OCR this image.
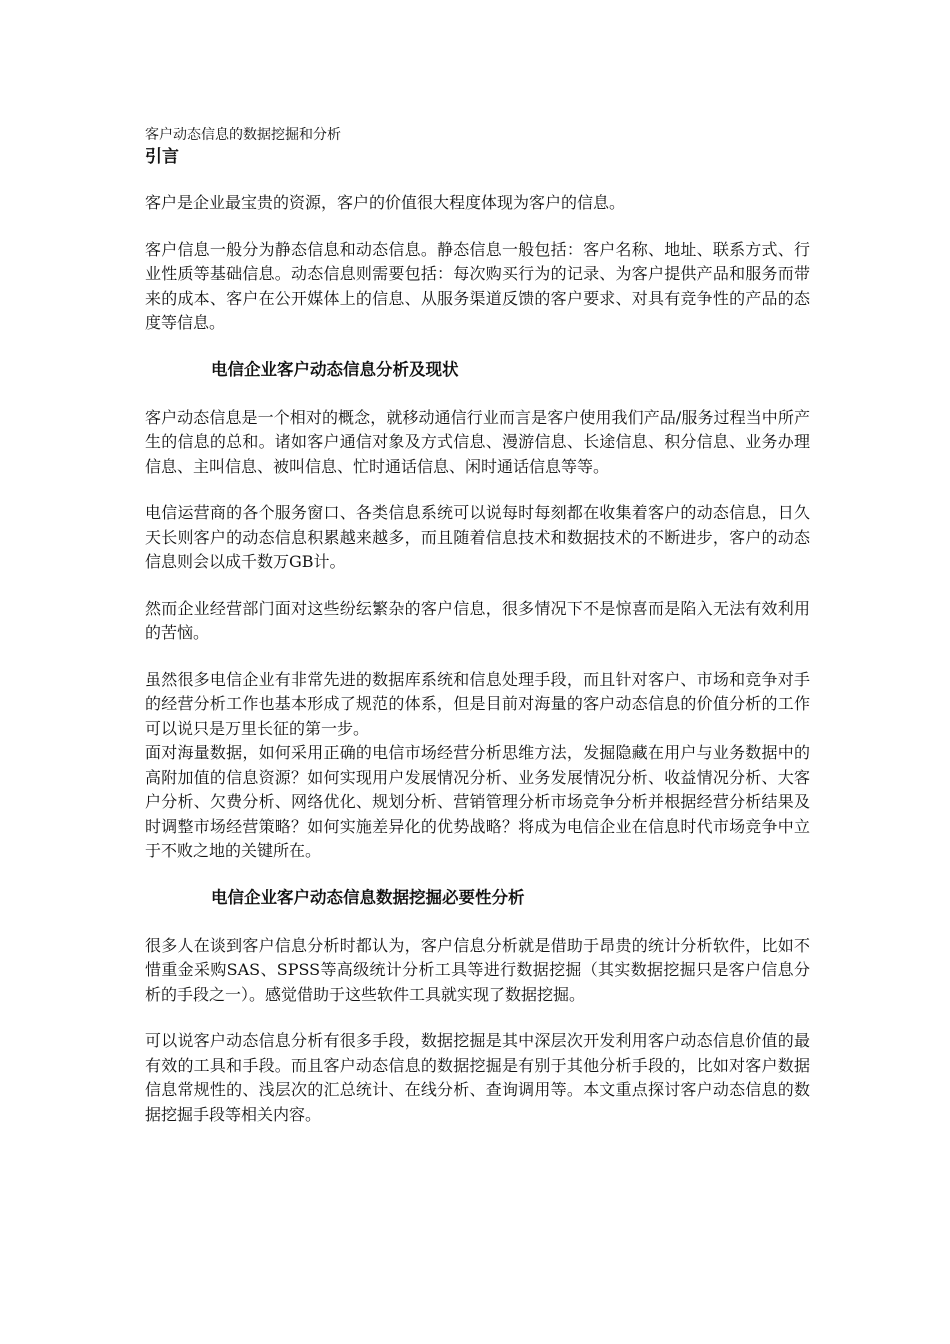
客户动态信息的数据挖掘和分析

引言

客户是企业最宝贵的资源，客户的价值很大程度体现为客户的信息。

客户信息一般分为静态信息和动态信息。静态信息一般包括：客户名称、地址、联系方式、行业性质等基础信息。动态信息则需要包括：每次购买行为的记录、为客户提供产品和服务而带来的成本、客户在公开媒体上的信息、从服务渠道反馈的客户要求、对具有竞争性的产品的态度等信息。

电信企业客户动态信息分析及现状

客户动态信息是一个相对的概念，就移动通信行业而言是客户使用我们产品/服务过程当中所产生的信息的总和。诸如客户通信对象及方式信息、漫游信息、长途信息、积分信息、业务办理信息、主叫信息、被叫信息、忙时通话信息、闲时通话信息等等。

电信运营商的各个服务窗口、各类信息系统可以说每时每刻都在收集着客户的动态信息，日久天长则客户的动态信息积累越来越多，而且随着信息技术和数据技术的不断进步，客户的动态信息则会以成千数万GB计。

然而企业经营部门面对这些纷纭繁杂的客户信息，很多情况下不是惊喜而是陷入无法有效利用的苦恼。

虽然很多电信企业有非常先进的数据库系统和信息处理手段，而且针对客户、市场和竞争对手的经营分析工作也基本形成了规范的体系，但是目前对海量的客户动态信息的价值分析的工作可以说只是万里长征的第一步。

面对海量数据，如何采用正确的电信市场经营分析思维方法，发掘隐藏在用户与业务数据中的高附加值的信息资源？如何实现用户发展情况分析、业务发展情况分析、收益情况分析、大客户分析、欠费分析、网络优化、规划分析、营销管理分析市场竞争分析并根据经营分析结果及时调整市场经营策略？如何实施差异化的优势战略？将成为电信企业在信息时代市场竞争中立于不败之地的关键所在。

电信企业客户动态信息数据挖掘必要性分析

很多人在谈到客户信息分析时都认为，客户信息分析就是借助于昂贵的统计分析软件，比如不惜重金采购SAS、SPSS等高级统计分析工具等进行数据挖掘（其实数据挖掘只是客户信息分析的手段之一）。感觉借助于这些软件工具就实现了数据挖掘。

可以说客户动态信息分析有很多手段，数据挖掘是其中深层次开发利用客户动态信息价值的最有效的工具和手段。而且客户动态信息的数据挖掘是有别于其他分析手段的，比如对客户数据信息常规性的、浅层次的汇总统计、在线分析、查询调用等。本文重点探讨客户动态信息的数据挖掘手段等相关内容。
